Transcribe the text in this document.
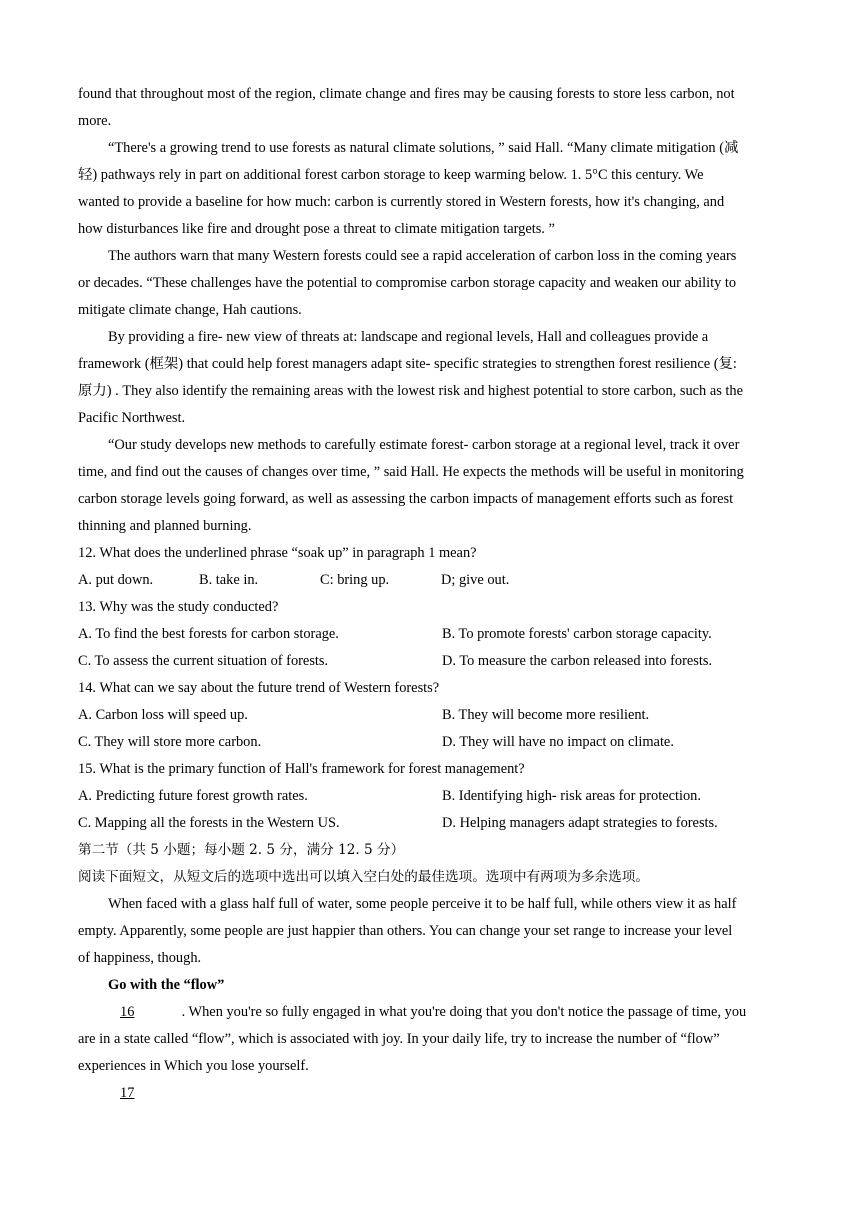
found that throughout most of the region, climate change and fires may be causing forests to store less carbon, not
more.
“There's a growing trend to use forests as natural climate solutions, ” said Hall. “Many climate mitigation (减
轻) pathways rely in part on additional forest carbon storage to keep warming below. 1. 5°C this century. We
wanted to provide a baseline for how much: carbon is currently stored in Western forests, how it's changing, and
how disturbances like fire and drought pose a threat to climate mitigation targets. ”
The authors warn that many Western forests could see a rapid acceleration of carbon loss in the coming years
or decades. “These challenges have the potential to compromise carbon storage capacity and weaken our ability to
mitigate climate change, Hah cautions.
By providing a fire- new view of threats at: landscape and regional levels, Hall and colleagues provide a
framework (框架) that could help forest managers adapt site- specific strategies to strengthen forest resilience (复:
原力) . They also identify the remaining areas with the lowest risk and highest potential to store carbon, such as the
Pacific Northwest.
“Our study develops new methods to carefully estimate forest- carbon storage at a regional level, track it over
time, and find out the causes of changes over time, ” said Hall. He expects the methods will be useful in monitoring
carbon storage levels going forward, as well as assessing the carbon impacts of management efforts such as forest
thinning and planned burning.
12. What does the underlined phrase “soak up” in paragraph 1 mean?
A. put down.	B. take in.	C: bring up.	D; give out.
13. Why was the study conducted?
A. To find the best forests for carbon storage.	B. To promote forests' carbon storage capacity.
C. To assess the current situation of forests.	D. To measure the carbon released into forests.
14. What can we say about the future trend of Western forests?
A. Carbon loss will speed up.	B. They will become more resilient.
C. They will store more carbon.	D. They will have no impact on climate.
15. What is the primary function of Hall's framework for forest management?
A. Predicting future forest growth rates.	B. Identifying high- risk areas for protection.
C. Mapping all the forests in the Western US.	D. Helping managers adapt strategies to forests.
第二节（共 5 小题；每小题 2. 5 分，满分 12. 5 分）
阅读下面短文，从短文后的选项中选出可以填入空白处的最佳选项。选项中有两项为多余选项。
When faced with a glass half full of water, some people perceive it to be half full, while others view it as half
empty. Apparently, some people are just happier than others. You can change your set range to increase your level
of happiness, though.
Go with the “flow”
16	. When you're so fully engaged in what you're doing that you don't notice the passage of time, you
are in a state called “flow”, which is associated with joy. In your daily life, try to increase the number of “flow”
experiences in Which you lose yourself.
17
